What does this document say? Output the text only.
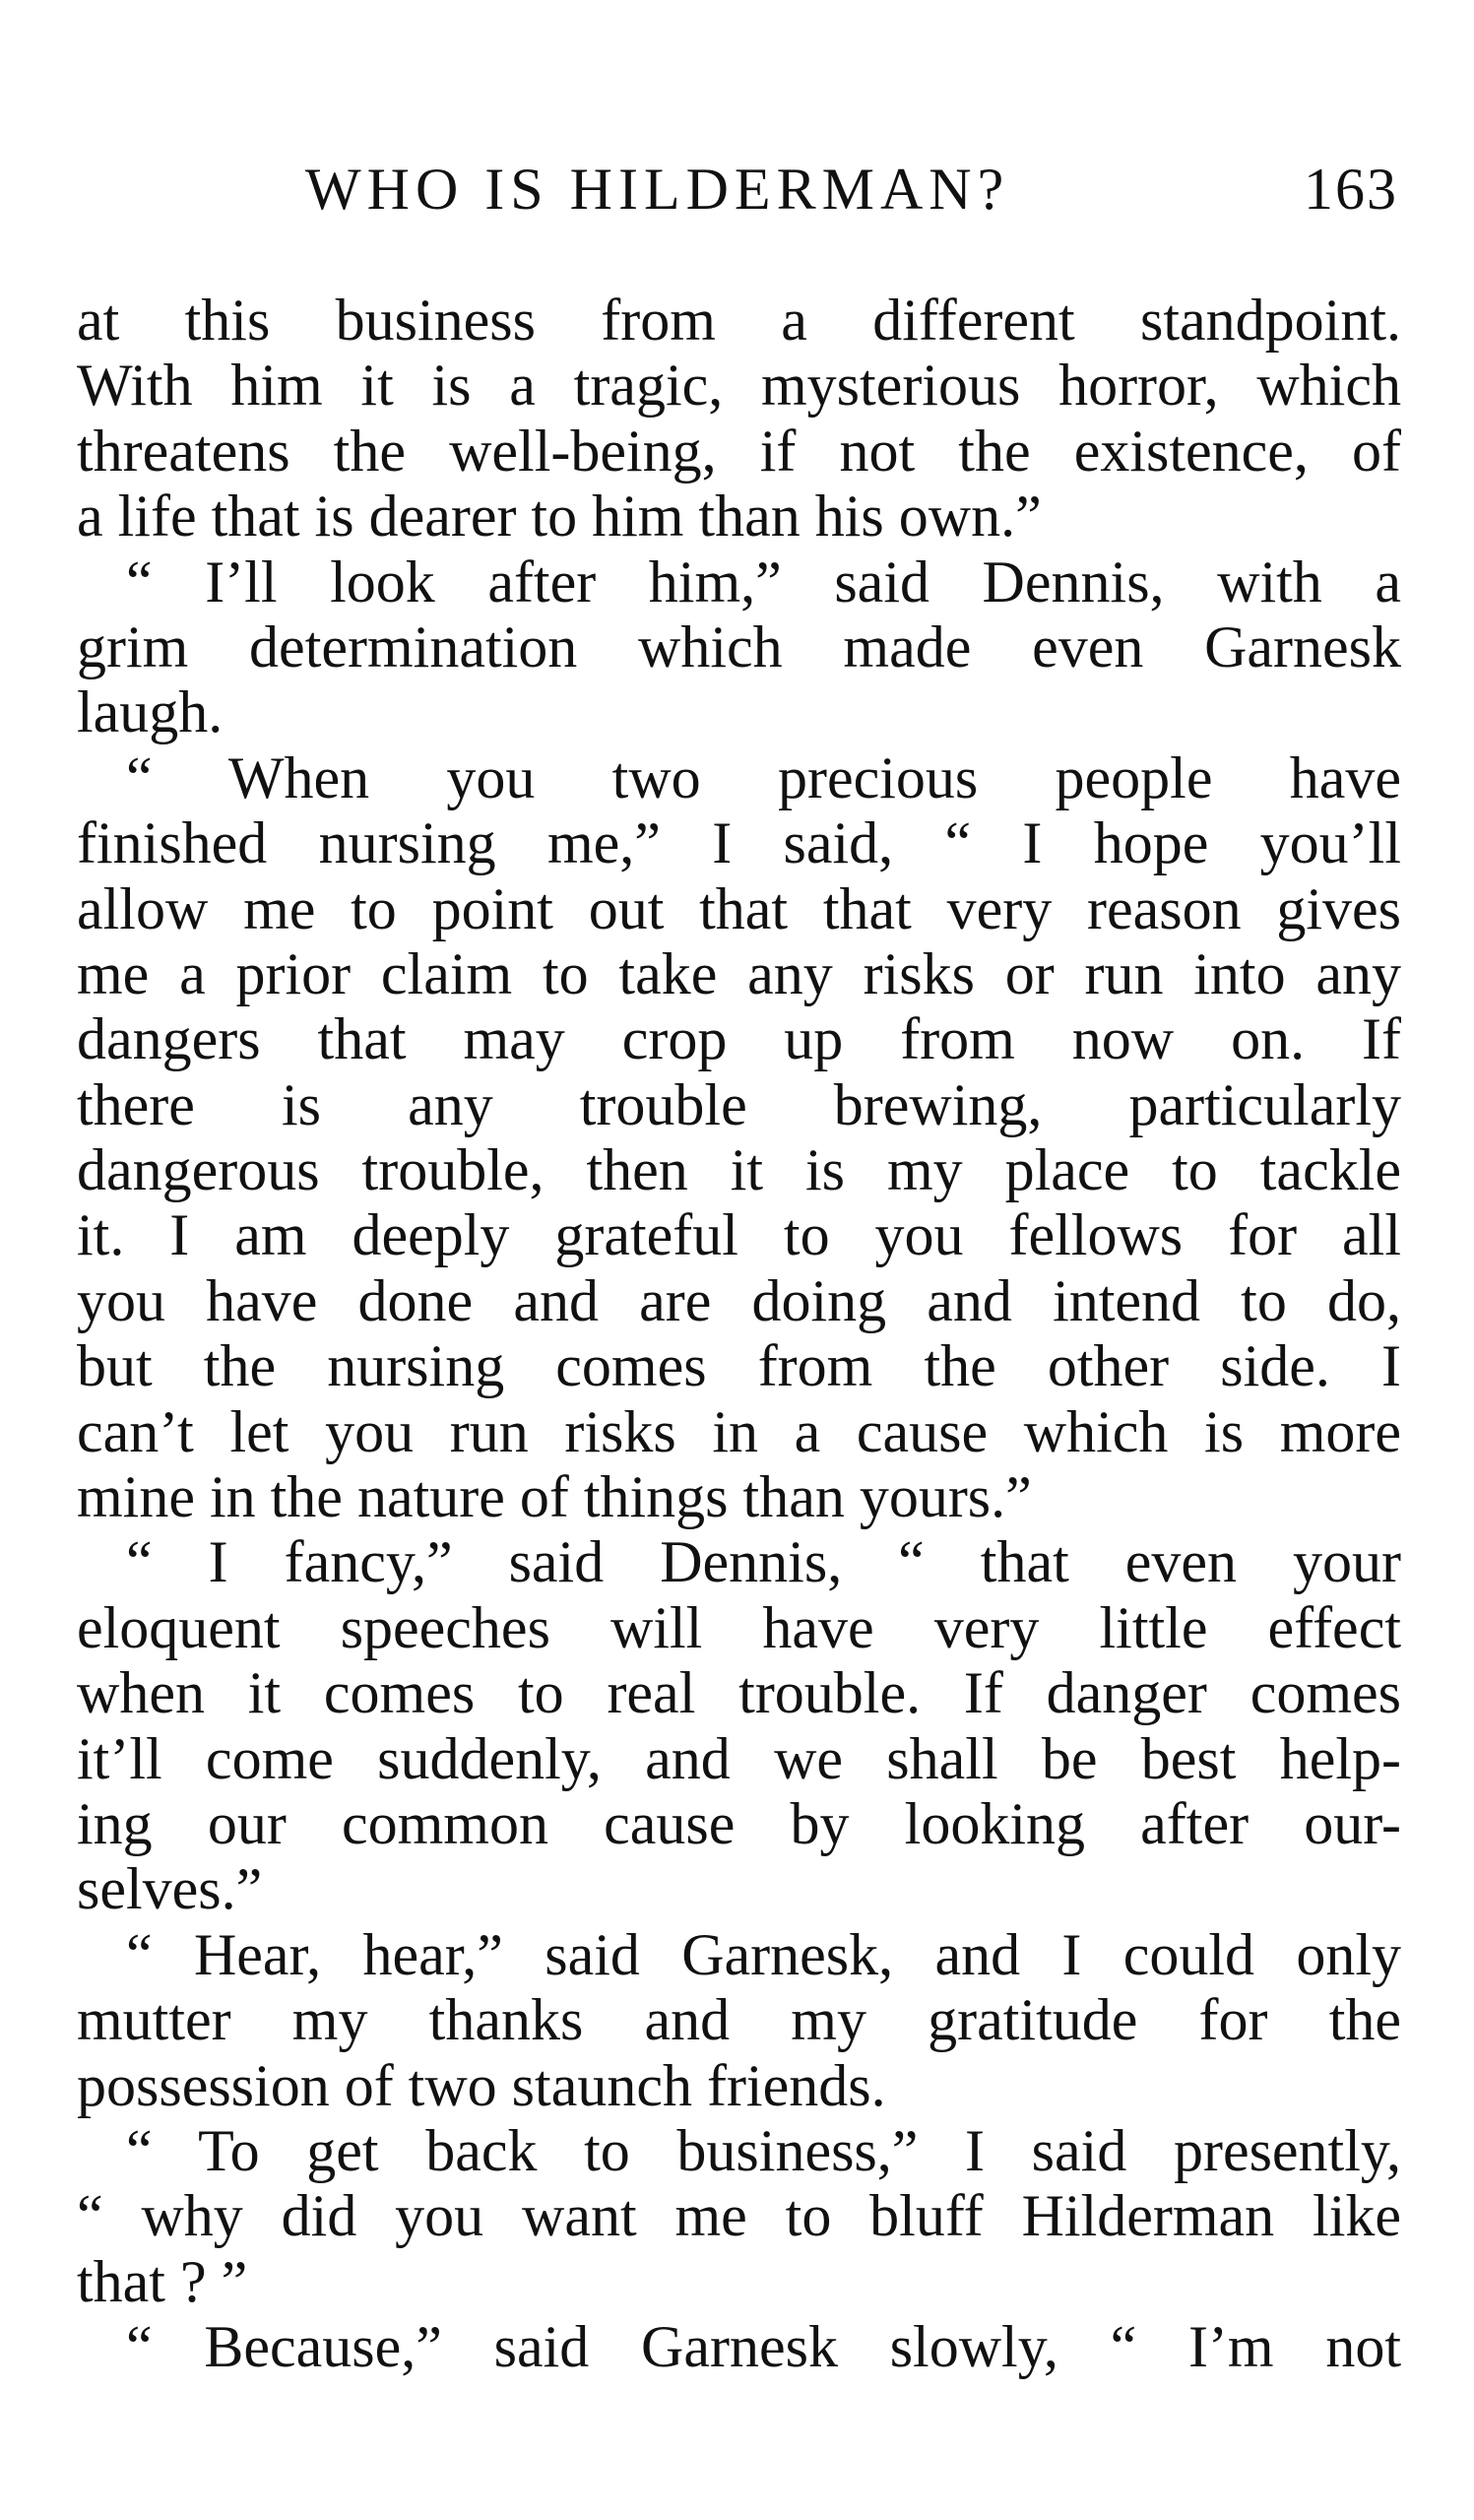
WHO IS HILDERMAN?	163
at this business from a different standpoint.
With him it is a tragic, mysterious horror, which
threatens the well-being, if not the existence, of
a life that is dearer to him than his own.”
“ I’ll look after him,” said Dennis, with a
grim determination which made even Garnesk
laugh.
“ When you two precious people have
finished nursing me,” I said, “ I hope you’ll
allow me to point out that that very reason gives
me a prior claim to take any risks or run into any
dangers that may crop up from now on. If
there is any trouble brewing, particularly
dangerous trouble, then it is my place to tackle
it. I am deeply grateful to you fellows for all
you have done and are doing and intend to do,
but the nursing comes from the other side. I
can’t let you run risks in a cause which is more
mine in the nature of things than yours.”
“ I fancy,” said Dennis, “ that even your
eloquent speeches will have very little effect
when it comes to real trouble. If danger comes
it’ll come suddenly, and we shall be best help-
ing our common cause by looking after our-
selves.”
“ Hear, hear,” said Garnesk, and I could only
mutter my thanks and my gratitude for the
possession of two staunch friends.
“ To get back to business,” I said presently,
“ why did you want me to bluff Hilderman like
that ? ”
“ Because,” said Garnesk slowly, “ I’m not
